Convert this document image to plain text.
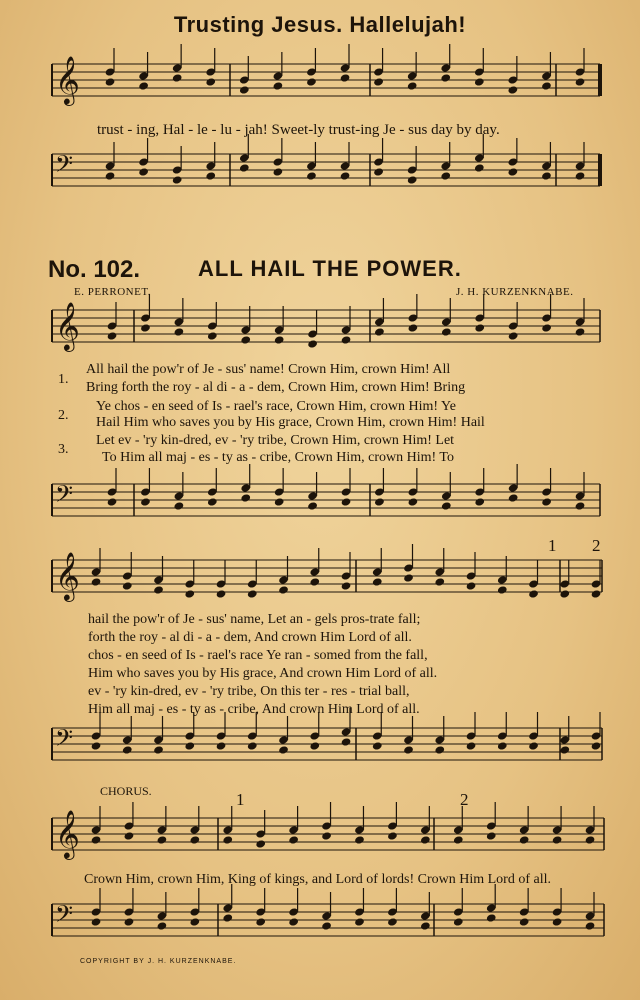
Trusting Jesus. Hallelujah!
𝄞
trust - ing, Hal - le - lu - jah! Sweet-ly trust-ing Je - sus day by day.
𝄢
No. 102.	ALL HAIL THE POWER.
E. PERRONET.	J. H. KURZENKNABE.
𝄞
1.
All hail the pow'r of Je - sus' name! Crown Him, crown Him! All
Bring forth the roy - al di - a - dem, Crown Him, crown Him! Bring
2.
Ye chos - en seed of Is - rael's race, Crown Him, crown Him! Ye
Hail Him who saves you by His grace, Crown Him, crown Him! Hail
3.
Let ev - 'ry kin-dred, ev - 'ry tribe, Crown Him, crown Him! Let
To Him all maj - es - ty as - cribe, Crown Him, crown Him! To
𝄢
𝄞
1 2
hail the pow'r of Je - sus' name, Let an - gels pros-trate fall;
forth the roy - al di - a - dem, And crown Him Lord of all.
chos - en seed of Is - rael's race Ye ran - somed from the fall,
Him who saves you by His grace, And crown Him Lord of all.
ev - 'ry kin-dred, ev - 'ry tribe, On this ter - res - trial ball,
Him all maj - es - ty as - cribe, And crown Him Lord of all.
𝄢
CHORUS.
𝄞
1	2
Crown Him, crown Him, King of kings, and Lord of lords! Crown Him Lord of all.
𝄢
COPYRIGHT BY J. H. KURZENKNABE.
